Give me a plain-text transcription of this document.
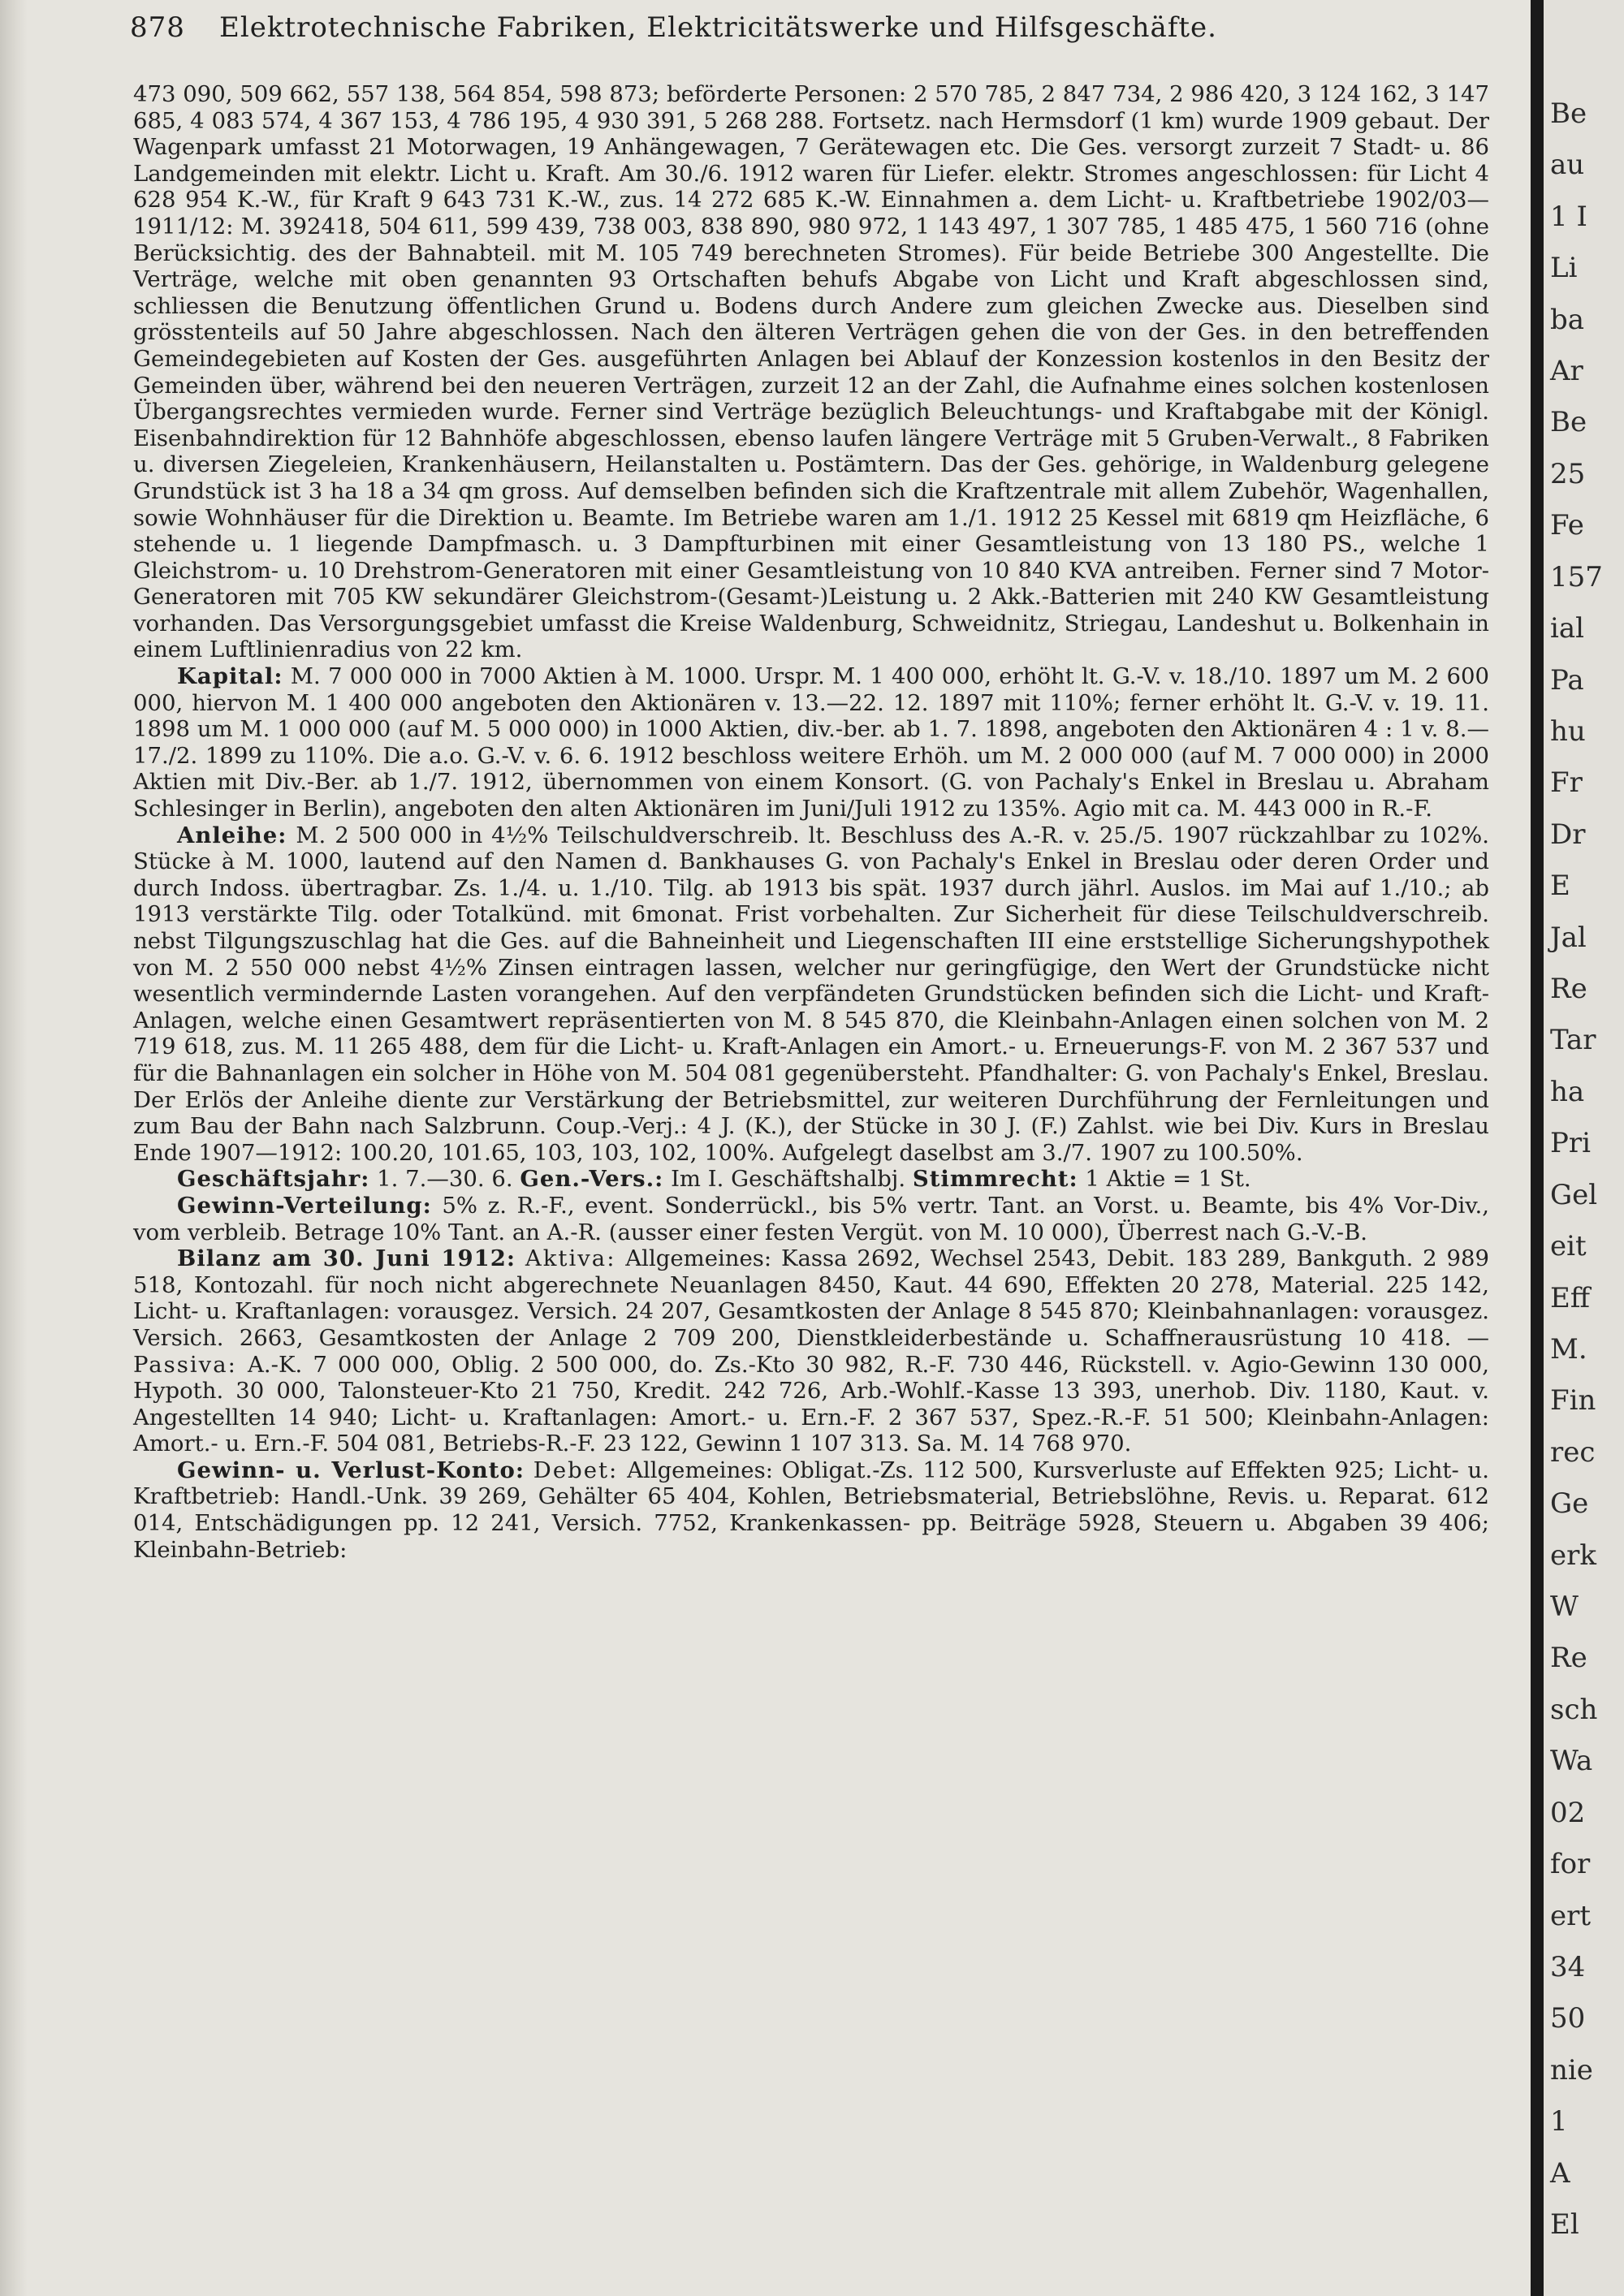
878 Elektrotechnische Fabriken, Elektricitätswerke und Hilfsgeschäfte.

473 090, 509 662, 557 138, 564 854, 598 873; beförderte Personen: 2 570 785, 2 847 734, 2 986 420, 3 124 162, 3 147 685, 4 083 574, 4 367 153, 4 786 195, 4 930 391, 5 268 288. Fortsetz. nach Hermsdorf (1 km) wurde 1909 gebaut. Der Wagenpark umfasst 21 Motorwagen, 19 Anhängewagen, 7 Gerätewagen etc. Die Ges. versorgt zurzeit 7 Stadt- u. 86 Landgemeinden mit elektr. Licht u. Kraft. Am 30./6. 1912 waren für Liefer. elektr. Stromes angeschlossen: für Licht 4 628 954 K.-W., für Kraft 9 643 731 K.-W., zus. 14 272 685 K.-W. Einnahmen a. dem Licht- u. Kraftbetriebe 1902/03—1911/12: M. 392418, 504 611, 599 439, 738 003, 838 890, 980 972, 1 143 497, 1 307 785, 1 485 475, 1 560 716 (ohne Berücksichtig. des der Bahnabteil. mit M. 105 749 berechneten Stromes). Für beide Betriebe 300 Angestellte. Die Verträge, welche mit oben genannten 93 Ortschaften behufs Abgabe von Licht und Kraft abgeschlossen sind, schliessen die Benutzung öffentlichen Grund u. Bodens durch Andere zum gleichen Zwecke aus. Dieselben sind grösstenteils auf 50 Jahre abgeschlossen. Nach den älteren Verträgen gehen die von der Ges. in den betreffenden Gemeindegebieten auf Kosten der Ges. ausgeführten Anlagen bei Ablauf der Konzession kostenlos in den Besitz der Gemeinden über, während bei den neueren Verträgen, zurzeit 12 an der Zahl, die Aufnahme eines solchen kostenlosen Übergangsrechtes vermieden wurde. Ferner sind Verträge bezüglich Beleuchtungs- und Kraftabgabe mit der Königl. Eisenbahndirektion für 12 Bahnhöfe abgeschlossen, ebenso laufen längere Verträge mit 5 Gruben-Verwalt., 8 Fabriken u. diversen Ziegeleien, Krankenhäusern, Heilanstalten u. Postämtern. Das der Ges. gehörige, in Waldenburg gelegene Grundstück ist 3 ha 18 a 34 qm gross. Auf demselben befinden sich die Kraftzentrale mit allem Zubehör, Wagenhallen, sowie Wohnhäuser für die Direktion u. Beamte. Im Betriebe waren am 1./1. 1912 25 Kessel mit 6819 qm Heizfläche, 6 stehende u. 1 liegende Dampfmasch. u. 3 Dampfturbinen mit einer Gesamtleistung von 13 180 PS., welche 1 Gleichstrom- u. 10 Drehstrom-Generatoren mit einer Gesamtleistung von 10 840 KVA antreiben. Ferner sind 7 Motor-Generatoren mit 705 KW sekundärer Gleichstrom-(Gesamt-)Leistung u. 2 Akk.-Batterien mit 240 KW Gesamtleistung vorhanden. Das Versorgungsgebiet umfasst die Kreise Waldenburg, Schweidnitz, Striegau, Landeshut u. Bolkenhain in einem Luftlinienradius von 22 km.

Kapital: M. 7 000 000 in 7000 Aktien à M. 1000. Urspr. M. 1 400 000, erhöht lt. G.-V. v. 18./10. 1897 um M. 2 600 000, hiervon M. 1 400 000 angeboten den Aktionären v. 13.—22. 12. 1897 mit 110%; ferner erhöht lt. G.-V. v. 19. 11. 1898 um M. 1 000 000 (auf M. 5 000 000) in 1000 Aktien, div.-ber. ab 1. 7. 1898, angeboten den Aktionären 4 : 1 v. 8.—17./2. 1899 zu 110%. Die a.o. G.-V. v. 6. 6. 1912 beschloss weitere Erhöh. um M. 2 000 000 (auf M. 7 000 000) in 2000 Aktien mit Div.-Ber. ab 1./7. 1912, übernommen von einem Konsort. (G. von Pachaly's Enkel in Breslau u. Abraham Schlesinger in Berlin), angeboten den alten Aktionären im Juni/Juli 1912 zu 135%. Agio mit ca. M. 443 000 in R.-F.

Anleihe: M. 2 500 000 in 4½% Teilschuldverschreib. lt. Beschluss des A.-R. v. 25./5. 1907 rückzahlbar zu 102%. Stücke à M. 1000, lautend auf den Namen d. Bankhauses G. von Pachaly's Enkel in Breslau oder deren Order und durch Indoss. übertragbar. Zs. 1./4. u. 1./10. Tilg. ab 1913 bis spät. 1937 durch jährl. Auslos. im Mai auf 1./10.; ab 1913 verstärkte Tilg. oder Totalkünd. mit 6monat. Frist vorbehalten. Zur Sicherheit für diese Teilschuldverschreib. nebst Tilgungszuschlag hat die Ges. auf die Bahneinheit und Liegenschaften III eine erststellige Sicherungshypothek von M. 2 550 000 nebst 4½% Zinsen eintragen lassen, welcher nur geringfügige, den Wert der Grundstücke nicht wesentlich vermindernde Lasten vorangehen. Auf den verpfändeten Grundstücken befinden sich die Licht- und Kraft-Anlagen, welche einen Gesamtwert repräsentierten von M. 8 545 870, die Kleinbahn-Anlagen einen solchen von M. 2 719 618, zus. M. 11 265 488, dem für die Licht- u. Kraft-Anlagen ein Amort.- u. Erneuerungs-F. von M. 2 367 537 und für die Bahnanlagen ein solcher in Höhe von M. 504 081 gegenübersteht. Pfandhalter: G. von Pachaly's Enkel, Breslau. Der Erlös der Anleihe diente zur Verstärkung der Betriebsmittel, zur weiteren Durchführung der Fernleitungen und zum Bau der Bahn nach Salzbrunn. Coup.-Verj.: 4 J. (K.), der Stücke in 30 J. (F.) Zahlst. wie bei Div. Kurs in Breslau Ende 1907—1912: 100.20, 101.65, 103, 103, 102, 100%. Aufgelegt daselbst am 3./7. 1907 zu 100.50%.

Geschäftsjahr: 1. 7.—30. 6. Gen.-Vers.: Im I. Geschäftshalbj. Stimmrecht: 1 Aktie = 1 St.

Gewinn-Verteilung: 5% z. R.-F., event. Sonderrückl., bis 5% vertr. Tant. an Vorst. u. Beamte, bis 4% Vor-Div., vom verbleib. Betrage 10% Tant. an A.-R. (ausser einer festen Vergüt. von M. 10 000), Überrest nach G.-V.-B.

Bilanz am 30. Juni 1912: Aktiva: Allgemeines: Kassa 2692, Wechsel 2543, Debit. 183 289, Bankguth. 2 989 518, Kontozahl. für noch nicht abgerechnete Neuanlagen 8450, Kaut. 44 690, Effekten 20 278, Material. 225 142, Licht- u. Kraftanlagen: vorausgez. Versich. 24 207, Gesamtkosten der Anlage 8 545 870; Kleinbahnanlagen: vorausgez. Versich. 2663, Gesamtkosten der Anlage 2 709 200, Dienstkleiderbestände u. Schaffnerausrüstung 10 418. — Passiva: A.-K. 7 000 000, Oblig. 2 500 000, do. Zs.-Kto 30 982, R.-F. 730 446, Rückstell. v. Agio-Gewinn 130 000, Hypoth. 30 000, Talonsteuer-Kto 21 750, Kredit. 242 726, Arb.-Wohlf.-Kasse 13 393, unerhob. Div. 1180, Kaut. v. Angestellten 14 940; Licht- u. Kraftanlagen: Amort.- u. Ern.-F. 2 367 537, Spez.-R.-F. 51 500; Kleinbahn-Anlagen: Amort.- u. Ern.-F. 504 081, Betriebs-R.-F. 23 122, Gewinn 1 107 313. Sa. M. 14 768 970.

Gewinn- u. Verlust-Konto: Debet: Allgemeines: Obligat.-Zs. 112 500, Kursverluste auf Effekten 925; Licht- u. Kraftbetrieb: Handl.-Unk. 39 269, Gehälter 65 404, Kohlen, Betriebsmaterial, Betriebslöhne, Revis. u. Reparat. 612 014, Entschädigungen pp. 12 241, Versich. 7752, Krankenkassen- pp. Beiträge 5928, Steuern u. Abgaben 39 406; Kleinbahn-Betrieb:

Be
au
1 I
Li
ba
Ar
Be
25
Fe
157
ial
Pa
hu
Fr
Dr
E
Jal
Re
Tar
ha
Pri
Gel
eit
Eff
M.
Fin
rec
Ge
erk
W
Re
sch
Wa
02
for
ert
34
50
nie
1
A
El
